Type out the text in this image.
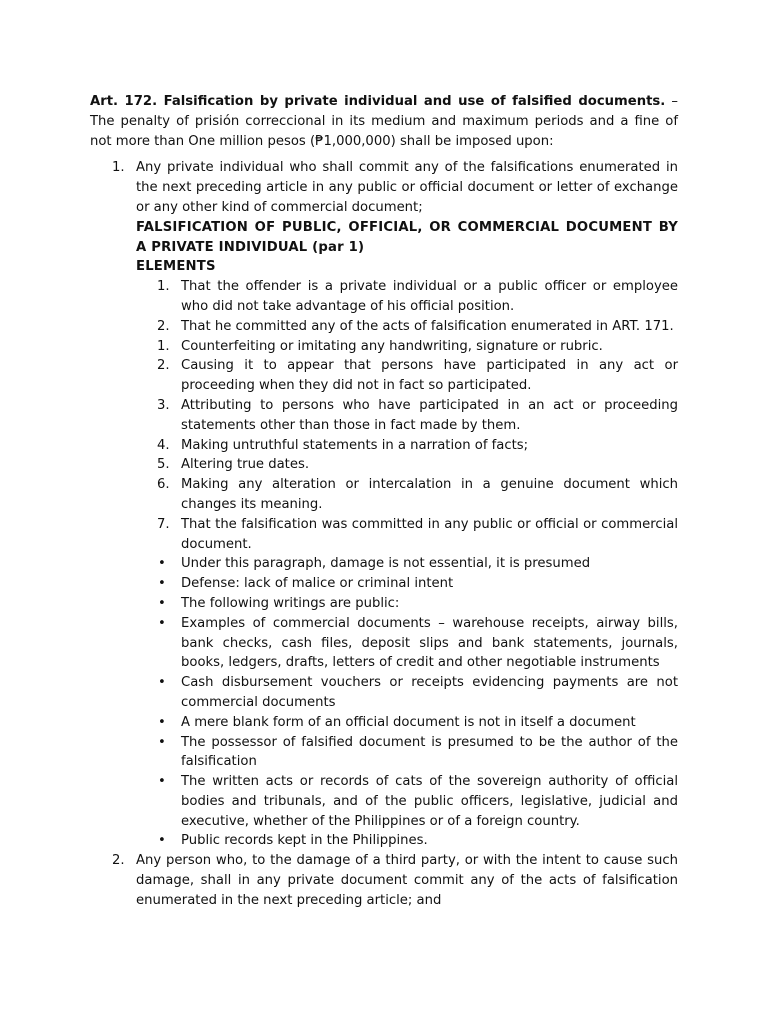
Art. 172. Falsification by private individual and use of falsified documents. – The penalty of prisión correccional in its medium and maximum periods and a fine of not more than One million pesos (₱1,000,000) shall be imposed upon:

1. Any private individual who shall commit any of the falsifications enumerated in the next preceding article in any public or official document or letter of exchange or any other kind of commercial document;

FALSIFICATION OF PUBLIC, OFFICIAL, OR COMMERCIAL DOCUMENT BY A PRIVATE INDIVIDUAL (par 1)

ELEMENTS

1. That the offender is a private individual or a public officer or employee who did not take advantage of his official position.
2. That he committed any of the acts of falsification enumerated in ART. 171.
1. Counterfeiting or imitating any handwriting, signature or rubric.
2. Causing it to appear that persons have participated in any act or proceeding when they did not in fact so participated.
3. Attributing to persons who have participated in an act or proceeding statements other than those in fact made by them.
4. Making untruthful statements in a narration of facts;
5. Altering true dates.
6. Making any alteration or intercalation in a genuine document which changes its meaning.
7. That the falsification was committed in any public or official or commercial document.
• Under this paragraph, damage is not essential, it is presumed
• Defense: lack of malice or criminal intent
• The following writings are public:
• Examples of commercial documents – warehouse receipts, airway bills, bank checks, cash files, deposit slips and bank statements, journals, books, ledgers, drafts, letters of credit and other negotiable instruments
• Cash disbursement vouchers or receipts evidencing payments are not commercial documents
• A mere blank form of an official document is not in itself a document
• The possessor of falsified document is presumed to be the author of the falsification
• The written acts or records of cats of the sovereign authority of official bodies and tribunals, and of the public officers, legislative, judicial and executive, whether of the Philippines or of a foreign country.
• Public records kept in the Philippines.
2. Any person who, to the damage of a third party, or with the intent to cause such damage, shall in any private document commit any of the acts of falsification enumerated in the next preceding article; and
